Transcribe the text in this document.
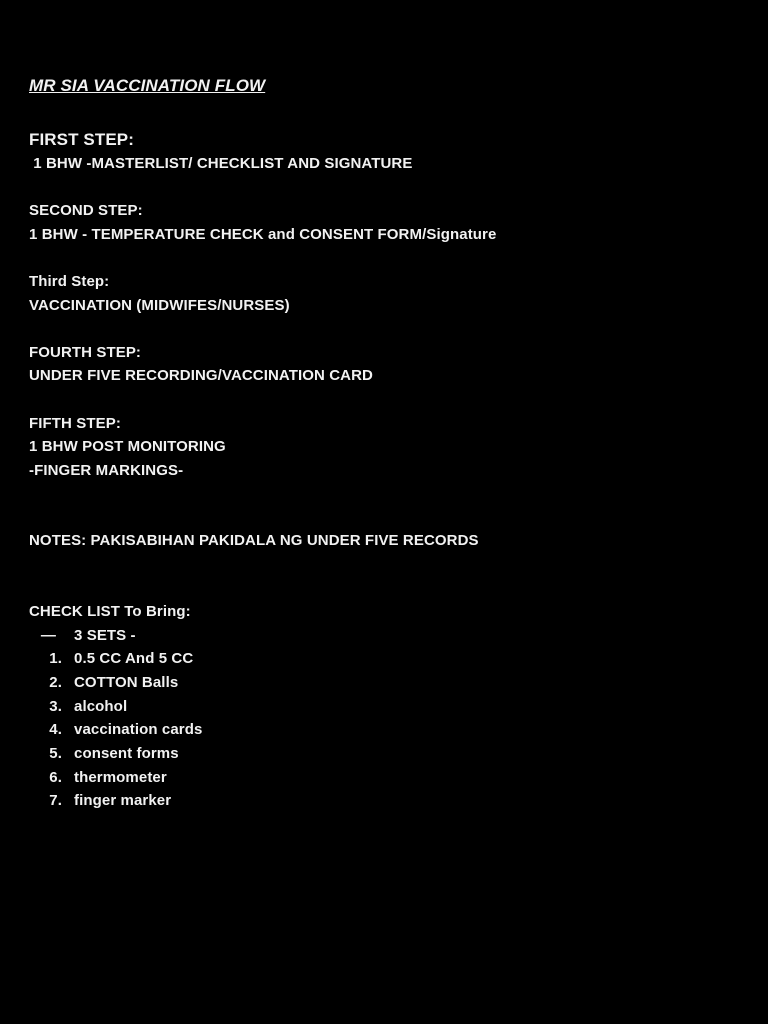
MR SIA VACCINATION FLOW
FIRST STEP:
1 BHW -MASTERLIST/ CHECKLIST AND SIGNATURE
SECOND STEP:
1 BHW - TEMPERATURE CHECK and CONSENT FORM/Signature
Third Step:
VACCINATION (MIDWIFES/NURSES)
FOURTH STEP:
UNDER FIVE RECORDING/VACCINATION CARD
FIFTH STEP:
1 BHW POST MONITORING
-FINGER MARKINGS-
NOTES: PAKISABIHAN PAKIDALA NG UNDER FIVE RECORDS
CHECK LIST To Bring:
—	3 SETS -
1. 0.5 CC And 5 CC
2. COTTON Balls
3. alcohol
4. vaccination cards
5. consent forms
6. thermometer
7. finger marker
